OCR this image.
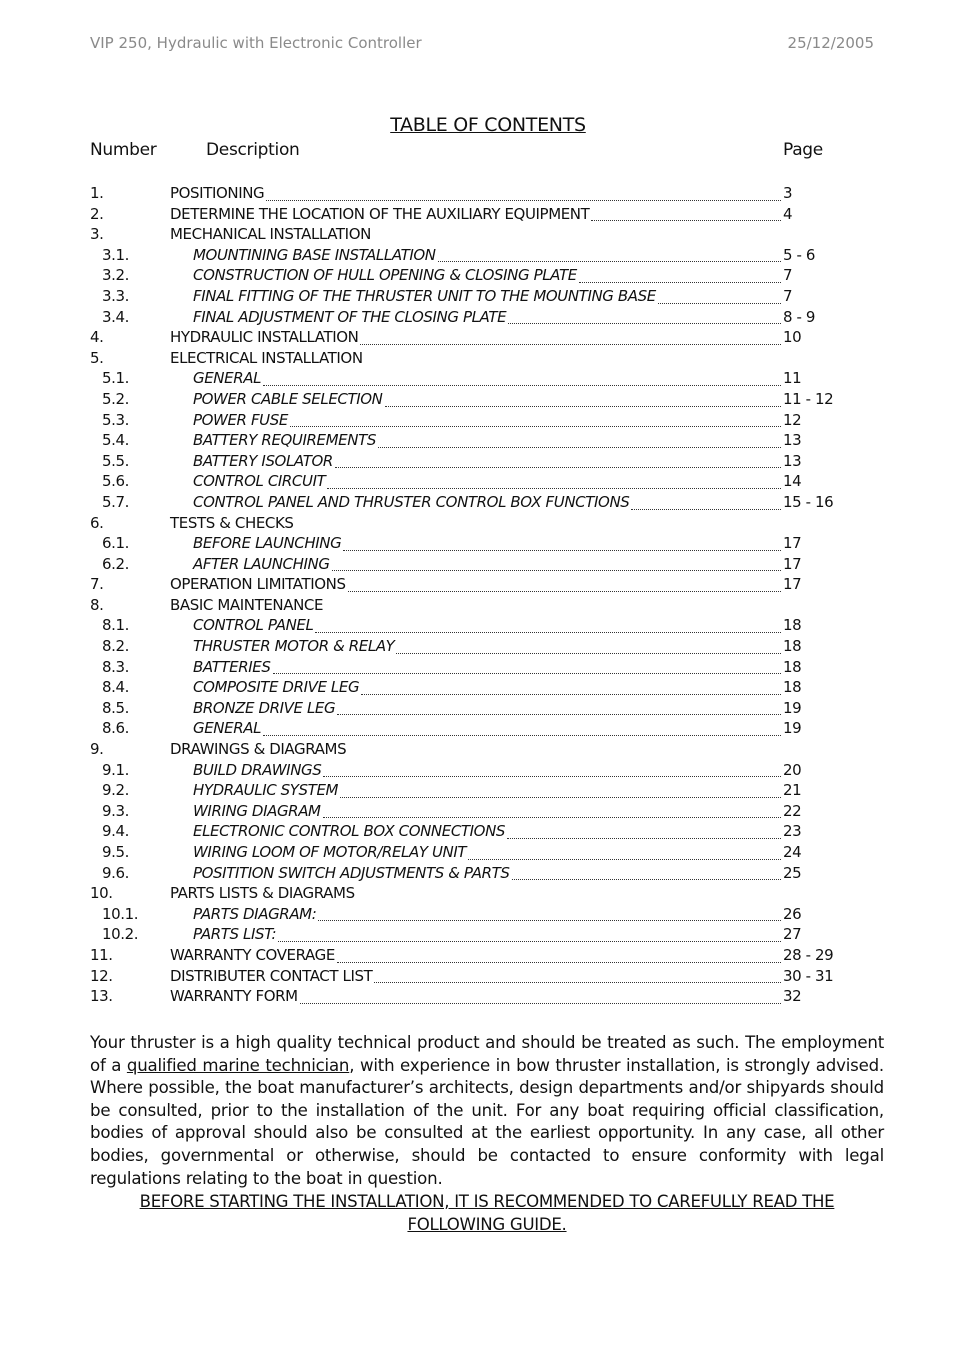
VIP 250, Hydraulic with Electronic Controller	25/12/2005
TABLE OF CONTENTS
Number	Description	Page
1.	POSITIONING	3
2.	DETERMINE THE LOCATION OF THE AUXILIARY EQUIPMENT	4
3.	MECHANICAL INSTALLATION
3.1.	MOUNTINING BASE INSTALLATION	5 - 6
3.2.	CONSTRUCTION OF HULL OPENING & CLOSING PLATE	7
3.3.	FINAL FITTING OF THE THRUSTER UNIT TO THE MOUNTING BASE	7
3.4.	FINAL ADJUSTMENT OF THE CLOSING PLATE	8 - 9
4.	HYDRAULIC INSTALLATION	10
5.	ELECTRICAL INSTALLATION
5.1.	GENERAL	11
5.2.	POWER CABLE SELECTION	11 - 12
5.3.	POWER FUSE	12
5.4.	BATTERY REQUIREMENTS	13
5.5.	BATTERY ISOLATOR	13
5.6.	CONTROL CIRCUIT	14
5.7.	CONTROL PANEL AND THRUSTER CONTROL BOX FUNCTIONS	15 - 16
6.	TESTS & CHECKS
6.1.	BEFORE LAUNCHING	17
6.2.	AFTER LAUNCHING	17
7.	OPERATION LIMITATIONS	17
8.	BASIC MAINTENANCE
8.1.	CONTROL PANEL	18
8.2.	THRUSTER MOTOR & RELAY	18
8.3.	BATTERIES	18
8.4.	COMPOSITE DRIVE LEG	18
8.5.	BRONZE DRIVE LEG	19
8.6.	GENERAL	19
9.	DRAWINGS & DIAGRAMS
9.1.	BUILD DRAWINGS	20
9.2.	HYDRAULIC SYSTEM	21
9.3.	WIRING DIAGRAM	22
9.4.	ELECTRONIC CONTROL BOX CONNECTIONS	23
9.5.	WIRING LOOM OF MOTOR/RELAY UNIT	24
9.6.	POSITITION SWITCH ADJUSTMENTS & PARTS	25
10.	PARTS LISTS & DIAGRAMS
10.1.	PARTS DIAGRAM:	26
10.2.	PARTS LIST:	27
11.	WARRANTY COVERAGE	28 - 29
12.	DISTRIBUTER CONTACT LIST	30 - 31
13.	WARRANTY FORM	32
Your thruster is a high quality technical product and should be treated as such. The employment of a qualified marine technician, with experience in bow thruster installation, is strongly advised. Where possible, the boat manufacturer’s architects, design departments and/or shipyards should be consulted, prior to the installation of the unit. For any boat requiring official classification, bodies of approval should also be consulted at the earliest opportunity. In any case, all other bodies, governmental or otherwise, should be contacted to ensure conformity with legal regulations relating to the boat in question.
BEFORE STARTING THE INSTALLATION, IT IS RECOMMENDED TO CAREFULLY READ THE FOLLOWING GUIDE.
